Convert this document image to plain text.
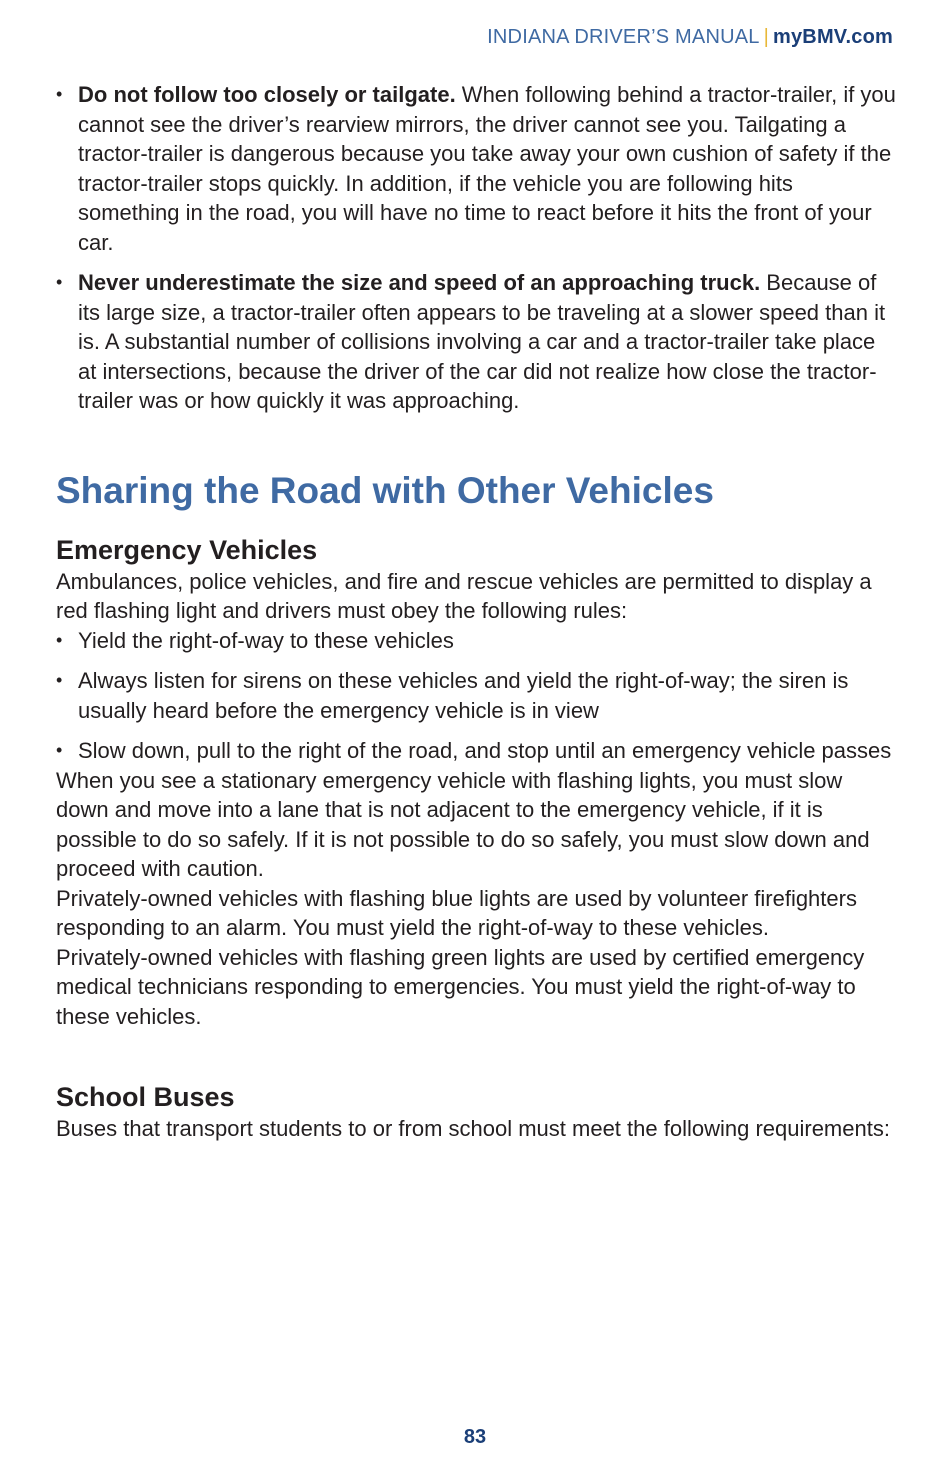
INDIANA DRIVER’S MANUAL | myBMV.com
• Do not follow too closely or tailgate. When following behind a tractor-trailer, if you cannot see the driver’s rearview mirrors, the driver cannot see you. Tailgating a tractor-trailer is dangerous because you take away your own cushion of safety if the tractor-trailer stops quickly. In addition, if the vehicle you are following hits something in the road, you will have no time to react before it hits the front of your car.
• Never underestimate the size and speed of an approaching truck. Because of its large size, a tractor-trailer often appears to be traveling at a slower speed than it is. A substantial number of collisions involving a car and a tractor-trailer take place at intersections, because the driver of the car did not realize how close the tractor-trailer was or how quickly it was approaching.
Sharing the Road with Other Vehicles
Emergency Vehicles

Ambulances, police vehicles, and fire and rescue vehicles are permitted to display a red flashing light and drivers must obey the following rules:

• Yield the right-of-way to these vehicles
• Always listen for sirens on these vehicles and yield the right-of-way; the siren is usually heard before the emergency vehicle is in view
• Slow down, pull to the right of the road, and stop until an emergency vehicle passes

When you see a stationary emergency vehicle with flashing lights, you must slow down and move into a lane that is not adjacent to the emergency vehicle, if it is possible to do so safely. If it is not possible to do so safely, you must slow down and proceed with caution.

Privately-owned vehicles with flashing blue lights are used by volunteer firefighters responding to an alarm. You must yield the right-of-way to these vehicles.

Privately-owned vehicles with flashing green lights are used by certified emergency medical technicians responding to emergencies. You must yield the right-of-way to these vehicles.

School Buses

Buses that transport students to or from school must meet the following requirements:

83
